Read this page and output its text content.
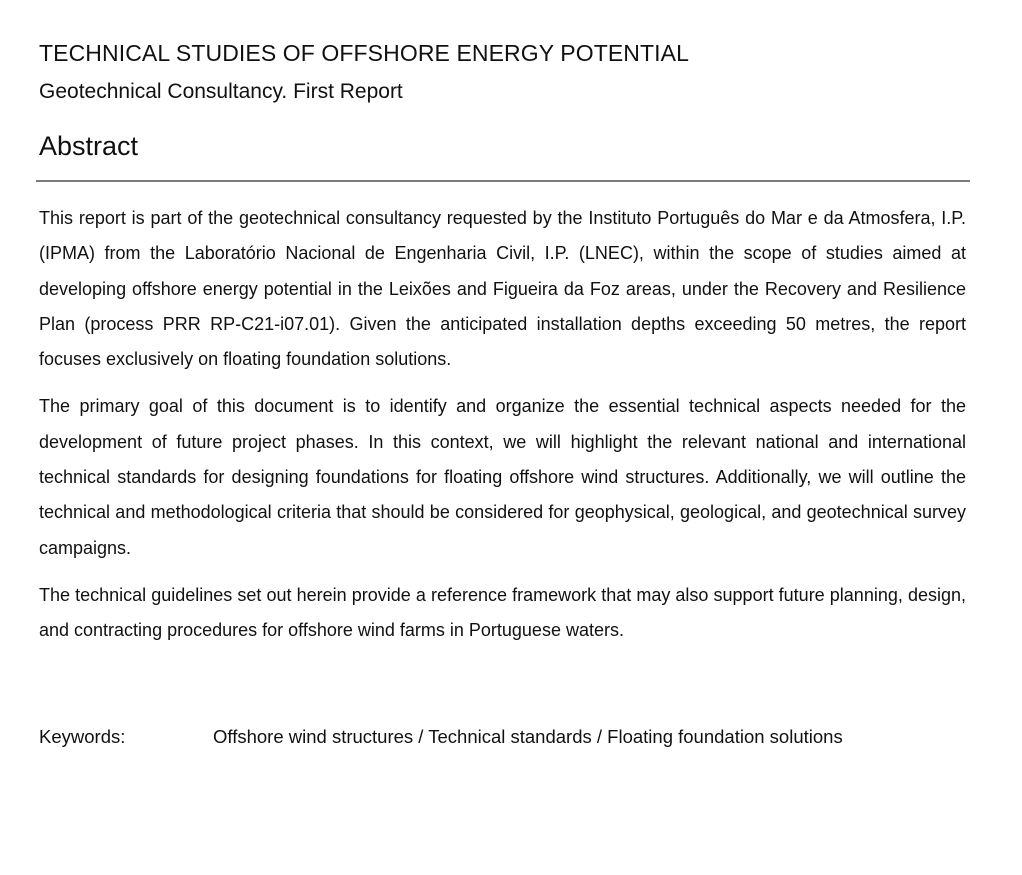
TECHNICAL STUDIES OF OFFSHORE ENERGY POTENTIAL
Geotechnical Consultancy. First Report
Abstract

This report is part of the geotechnical consultancy requested by the Instituto Português do Mar e da Atmosfera, I.P. (IPMA) from the Laboratório Nacional de Engenharia Civil, I.P. (LNEC), within the scope of studies aimed at developing offshore energy potential in the Leixões and Figueira da Foz areas, under the Recovery and Resilience Plan (process PRR RP-C21-i07.01). Given the anticipated installation depths exceeding 50 metres, the report focuses exclusively on floating foundation solutions.

The primary goal of this document is to identify and organize the essential technical aspects needed for the development of future project phases. In this context, we will highlight the relevant national and international technical standards for designing foundations for floating offshore wind structures. Additionally, we will outline the technical and methodological criteria that should be considered for geophysical, geological, and geotechnical survey campaigns.

The technical guidelines set out herein provide a reference framework that may also support future planning, design, and contracting procedures for offshore wind farms in Portuguese waters.

Keywords:	Offshore wind structures / Technical standards / Floating foundation solutions
